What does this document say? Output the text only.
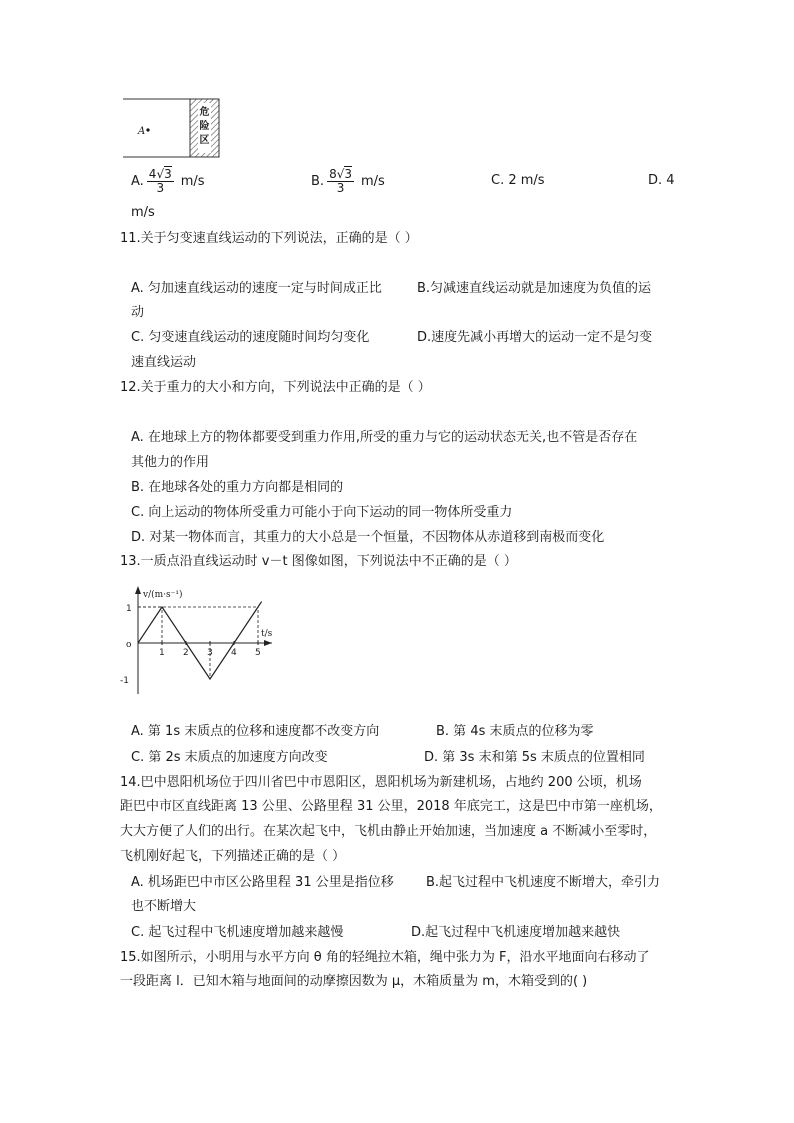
A
危险区
A. $\frac{4√3}{3} m/s$	B. $\frac{8√3}{3} m/s$	C. 2 m/s	D. 4
m/s
11.关于匀变速直线运动的下列说法，正确的是（ ）
A. 匀加速直线运动的速度一定与时间成正比	B.匀减速直线运动就是加速度为负值的运
动
C. 匀变速直线运动的速度随时间均匀变化	D.速度先减小再增大的运动一定不是匀变
速直线运动
12.关于重力的大小和方向，下列说法中正确的是（ ）
A. 在地球上方的物体都要受到重力作用,所受的重力与它的运动状态无关,也不管是否存在
其他力的作用
B. 在地球各处的重力方向都是相同的
C. 向上运动的物体所受重力可能小于向下运动的同一物体所受重力
D. 对某一物体而言，其重力的大小总是一个恒量，不因物体从赤道移到南极而变化
13.一质点沿直线运动时 v－t 图像如图，下列说法中不正确的是（ ）
1 2 3 4 5
1
-1
v/(m·s⁻¹)
t/s
o
A. 第 1s 末质点的位移和速度都不改变方向	B. 第 4s 末质点的位移为零
C. 第 2s 末质点的加速度方向改变	D. 第 3s 末和第 5s 末质点的位置相同
14.巴中恩阳机场位于四川省巴中市恩阳区，恩阳机场为新建机场，占地约 200 公顷，机场
距巴中市区直线距离 13 公里、公路里程 31 公里，2018 年底完工，这是巴中市第一座机场，
大大方便了人们的出行。在某次起飞中，飞机由静止开始加速，当加速度 a 不断减小至零时，
飞机刚好起飞，下列描述正确的是（ ）
A. 机场距巴中市区公路里程 31 公里是指位移 B.起飞过程中飞机速度不断增大，牵引力
也不断增大
C. 起飞过程中飞机速度增加越来越慢	D.起飞过程中飞机速度增加越来越快
15.如图所示，小明用与水平方向 θ 角的轻绳拉木箱，绳中张力为 F，沿水平地面向右移动了
一段距离 l．已知木箱与地面间的动摩擦因数为 μ，木箱质量为 m，木箱受到的( )
